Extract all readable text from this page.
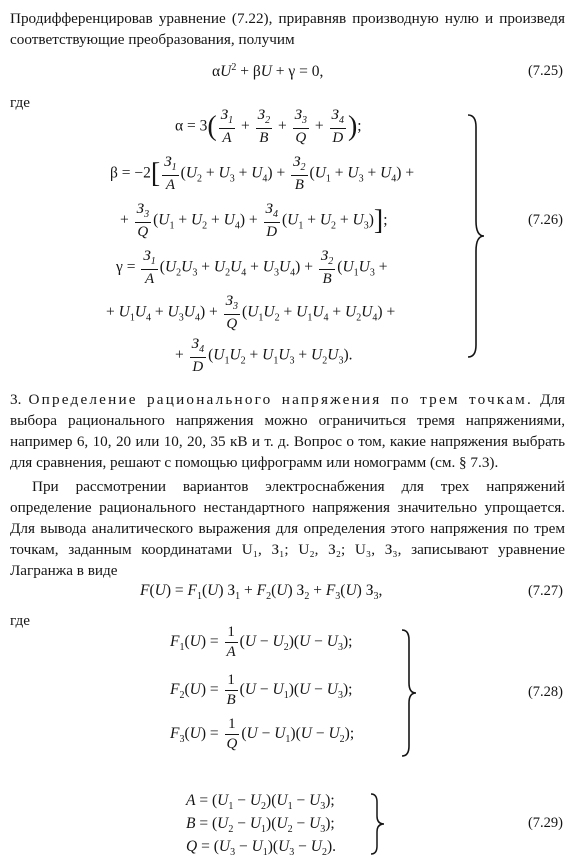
Продифференцировав уравнение (7.22), приравняв производную нулю и произведя соответствующие преобразования, получим

$\alpha U^2 + \beta U + \gamma = 0$,	(7.25)
где
$\alpha = 3( \frac{З_1}{A} + \frac{З_2}{B} + \frac{З_3}{Q} + \frac{З_4}{D}$ );
$\beta = -2[ \frac{З_1}{A} (U_2 + U_3 + U_4) + \frac{З_2}{B} (U_1 + U_3 + U_4)$ +
+ $\frac{З_3}{Q} (U_1 + U_2 + U_4) + \frac{З_4}{D} (U_1 + U_2 + U_3)$];
$\gamma = \frac{З_1}{A} (U_2U_3 + U_2U_4 + U_3U_4) + \frac{З_2}{B} (U_1U_3$ +
+ $U_1U_4 + U_3U_4) + \frac{З_3}{Q} (U_1U_2 + U_1U_4 + U_2U_4)$ +
+ $\frac{З_4}{D} (U_1U_2 + U_1U_3 + U_2U_3)$.
(7.26)

3. Определение рационального напряжения по трем точкам. Для выбора рационального напряжения можно ограничиться тремя напряжениями, например 6, 10, 20 или 10, 20, 35 кВ и т. д. Вопрос о том, какие напряжения выбрать для сравнения, решают с помощью цифрограмм или номограмм (см. § 7.3).

При рассмотрении вариантов электроснабжения для трех напряжений определение рационального нестандартного напряжения значительно упрощается. Для вывода аналитического выражения для определения этого напряжения по трем точкам, заданным координатами U₁, З₁; U₂, З₂; U₃, З₃, записывают уравнение Лагранжа в виде

$F(U) = F_1(U) З_1 + F_2(U) З_2 + F_3(U)$ $З_3$,	(7.27)
где
$F_1(U) = \frac{1}{A} (U - U_2)(U - U_3)$;
$F_2(U) = \frac{1}{B} (U - U_1)(U - U_3)$;
$F_3(U) = \frac{1}{Q} (U - U_1)(U - U_2)$;
(7.28)
$A = (U_1 - U_2)(U_1 - U_3)$;
$B = (U_2 - U_1)(U_2 - U_3)$;
$Q = (U_3 - U_1)(U_3 - U_2)$.
(7.29)
